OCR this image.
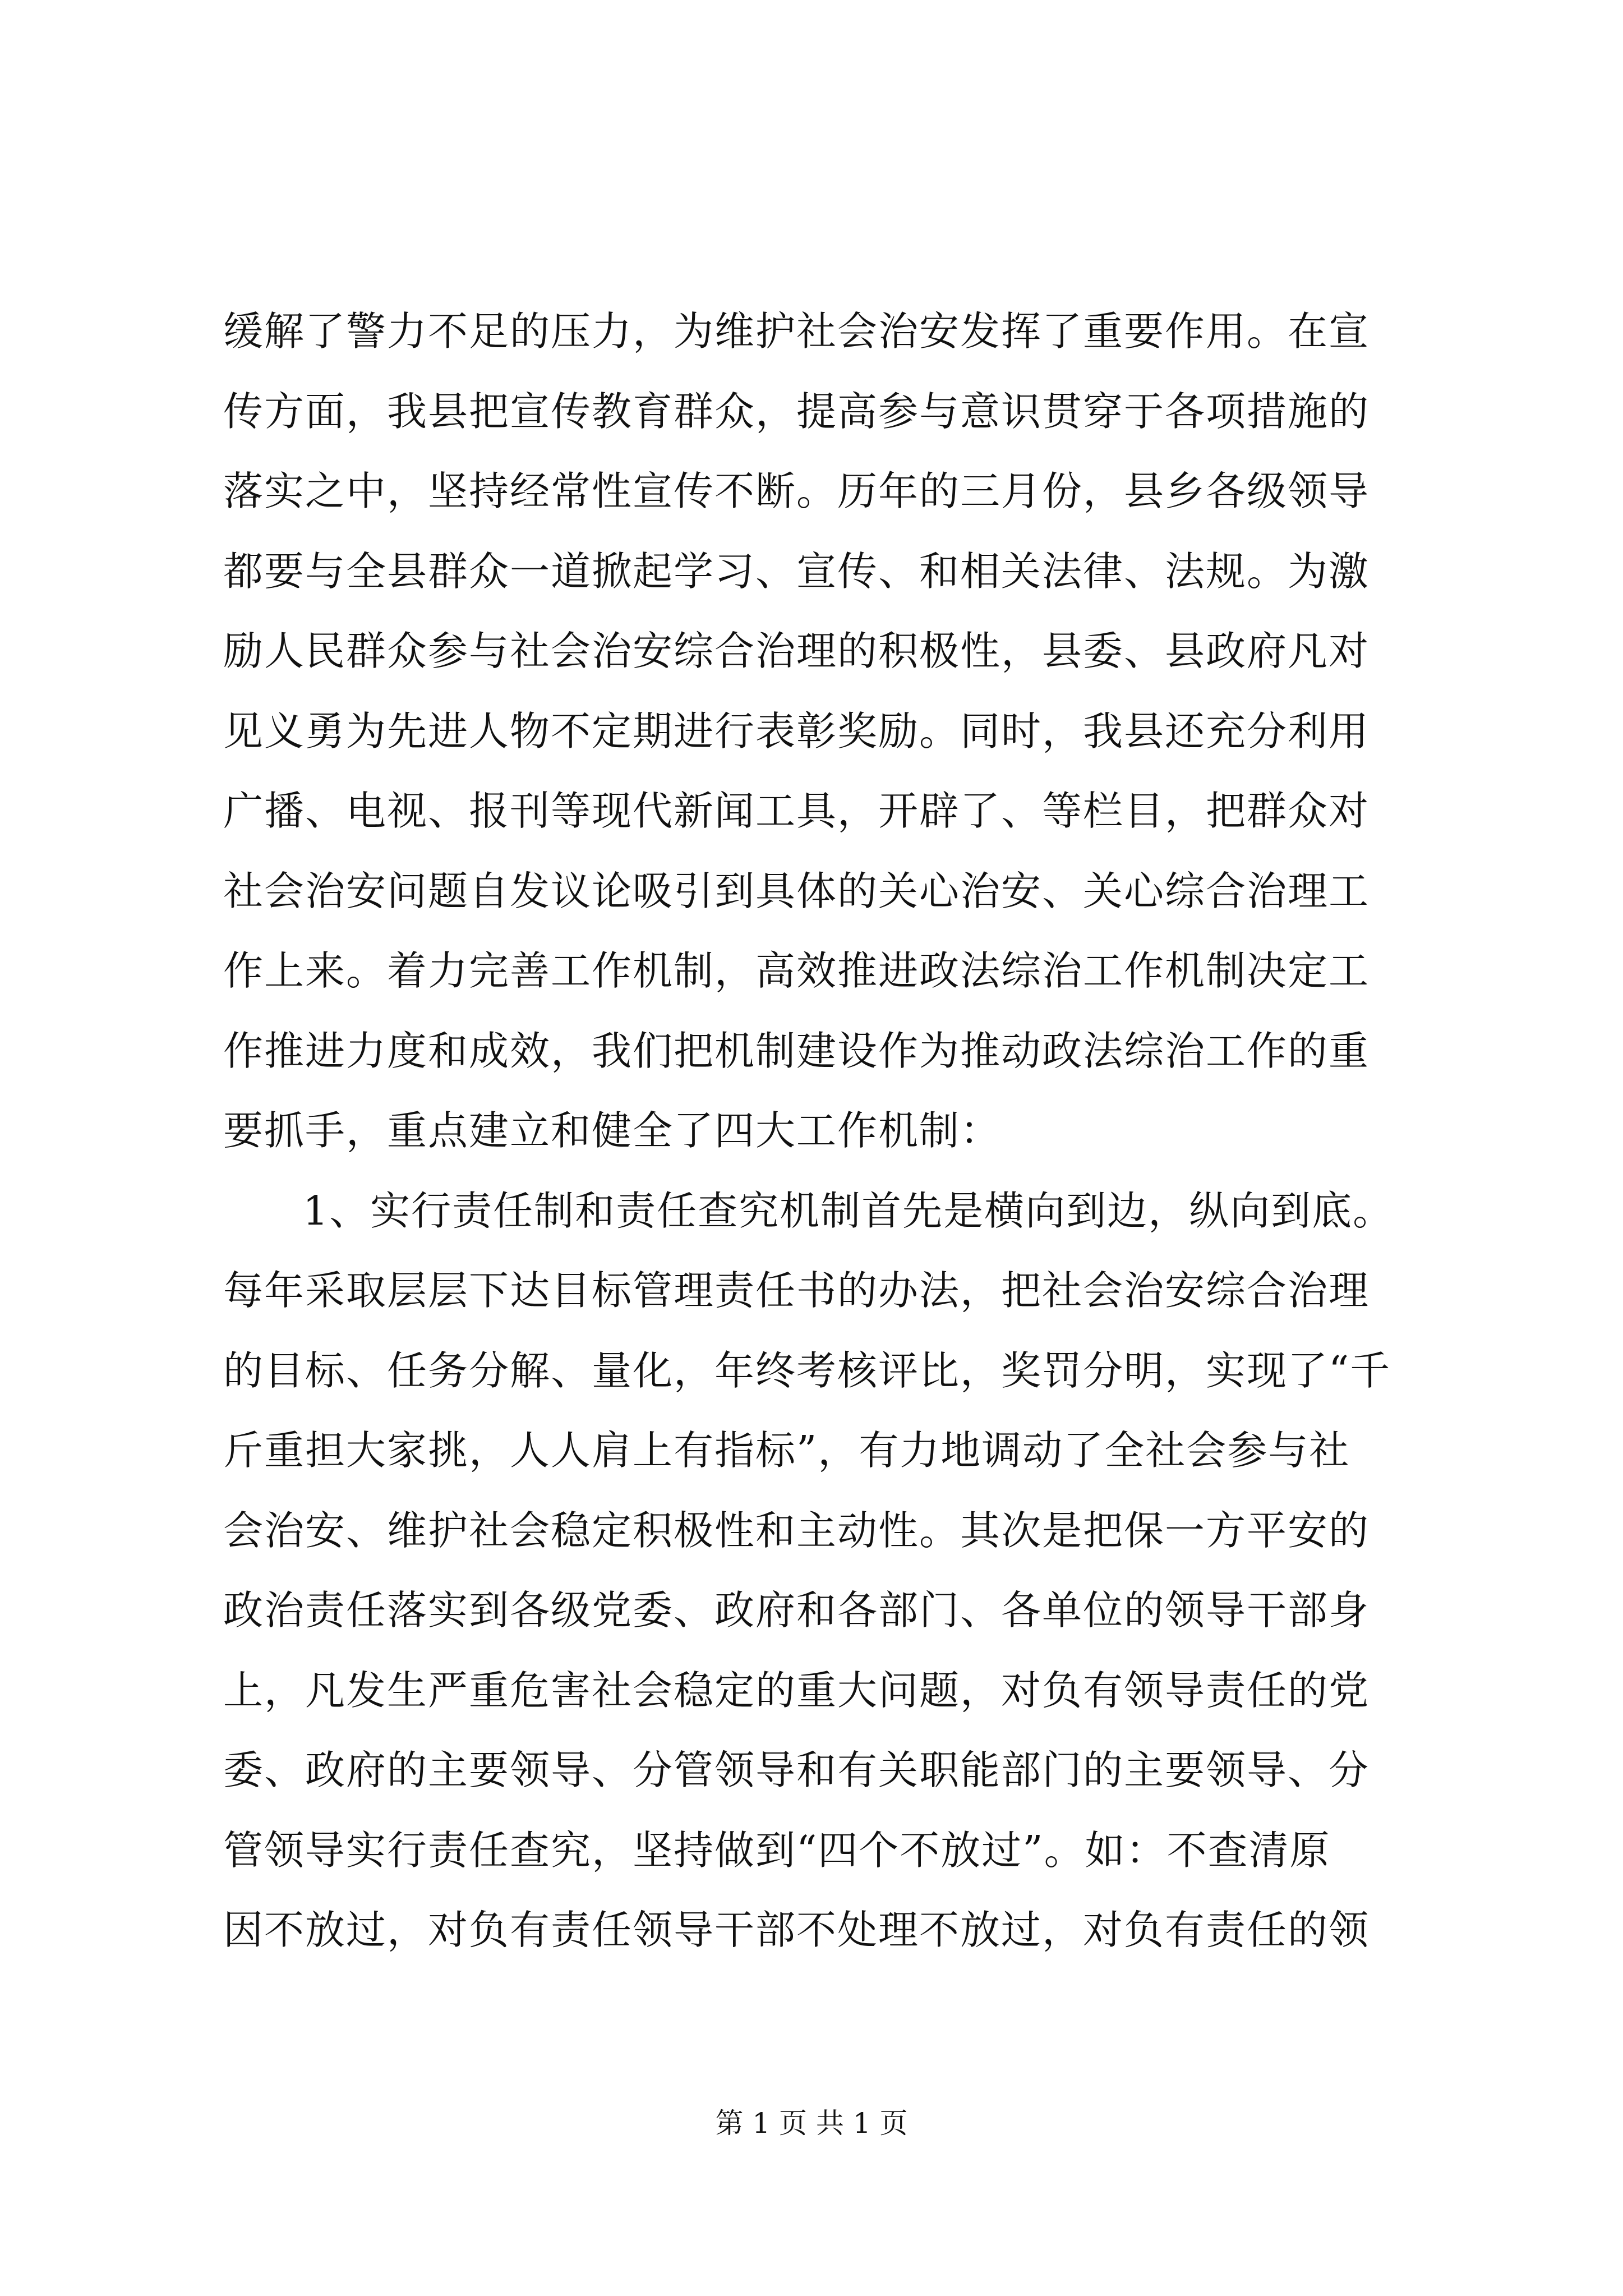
缓解了警力不足的压力，为维护社会治安发挥了重要作用。在宣
传方面，我县把宣传教育群众，提高参与意识贯穿于各项措施的
落实之中，坚持经常性宣传不断。历年的三月份，县乡各级领导
都要与全县群众一道掀起学习、宣传、和相关法律、法规。为激
励人民群众参与社会治安综合治理的积极性，县委、县政府凡对
见义勇为先进人物不定期进行表彰奖励。同时，我县还充分利用
广播、电视、报刊等现代新闻工具，开辟了、等栏目，把群众对
社会治安问题自发议论吸引到具体的关心治安、关心综合治理工
作上来。着力完善工作机制，高效推进政法综治工作机制决定工
作推进力度和成效，我们把机制建设作为推动政法综治工作的重
要抓手，重点建立和健全了四大工作机制：
1、实行责任制和责任查究机制首先是横向到边，纵向到底。
每年采取层层下达目标管理责任书的办法，把社会治安综合治理
的目标、任务分解、量化，年终考核评比，奖罚分明，实现了“千
斤重担大家挑，人人肩上有指标”，有力地调动了全社会参与社
会治安、维护社会稳定积极性和主动性。其次是把保一方平安的
政治责任落实到各级党委、政府和各部门、各单位的领导干部身
上，凡发生严重危害社会稳定的重大问题，对负有领导责任的党
委、政府的主要领导、分管领导和有关职能部门的主要领导、分
管领导实行责任查究，坚持做到“四个不放过”。如：不查清原
因不放过，对负有责任领导干部不处理不放过，对负有责任的领
第 1 页 共 1 页
